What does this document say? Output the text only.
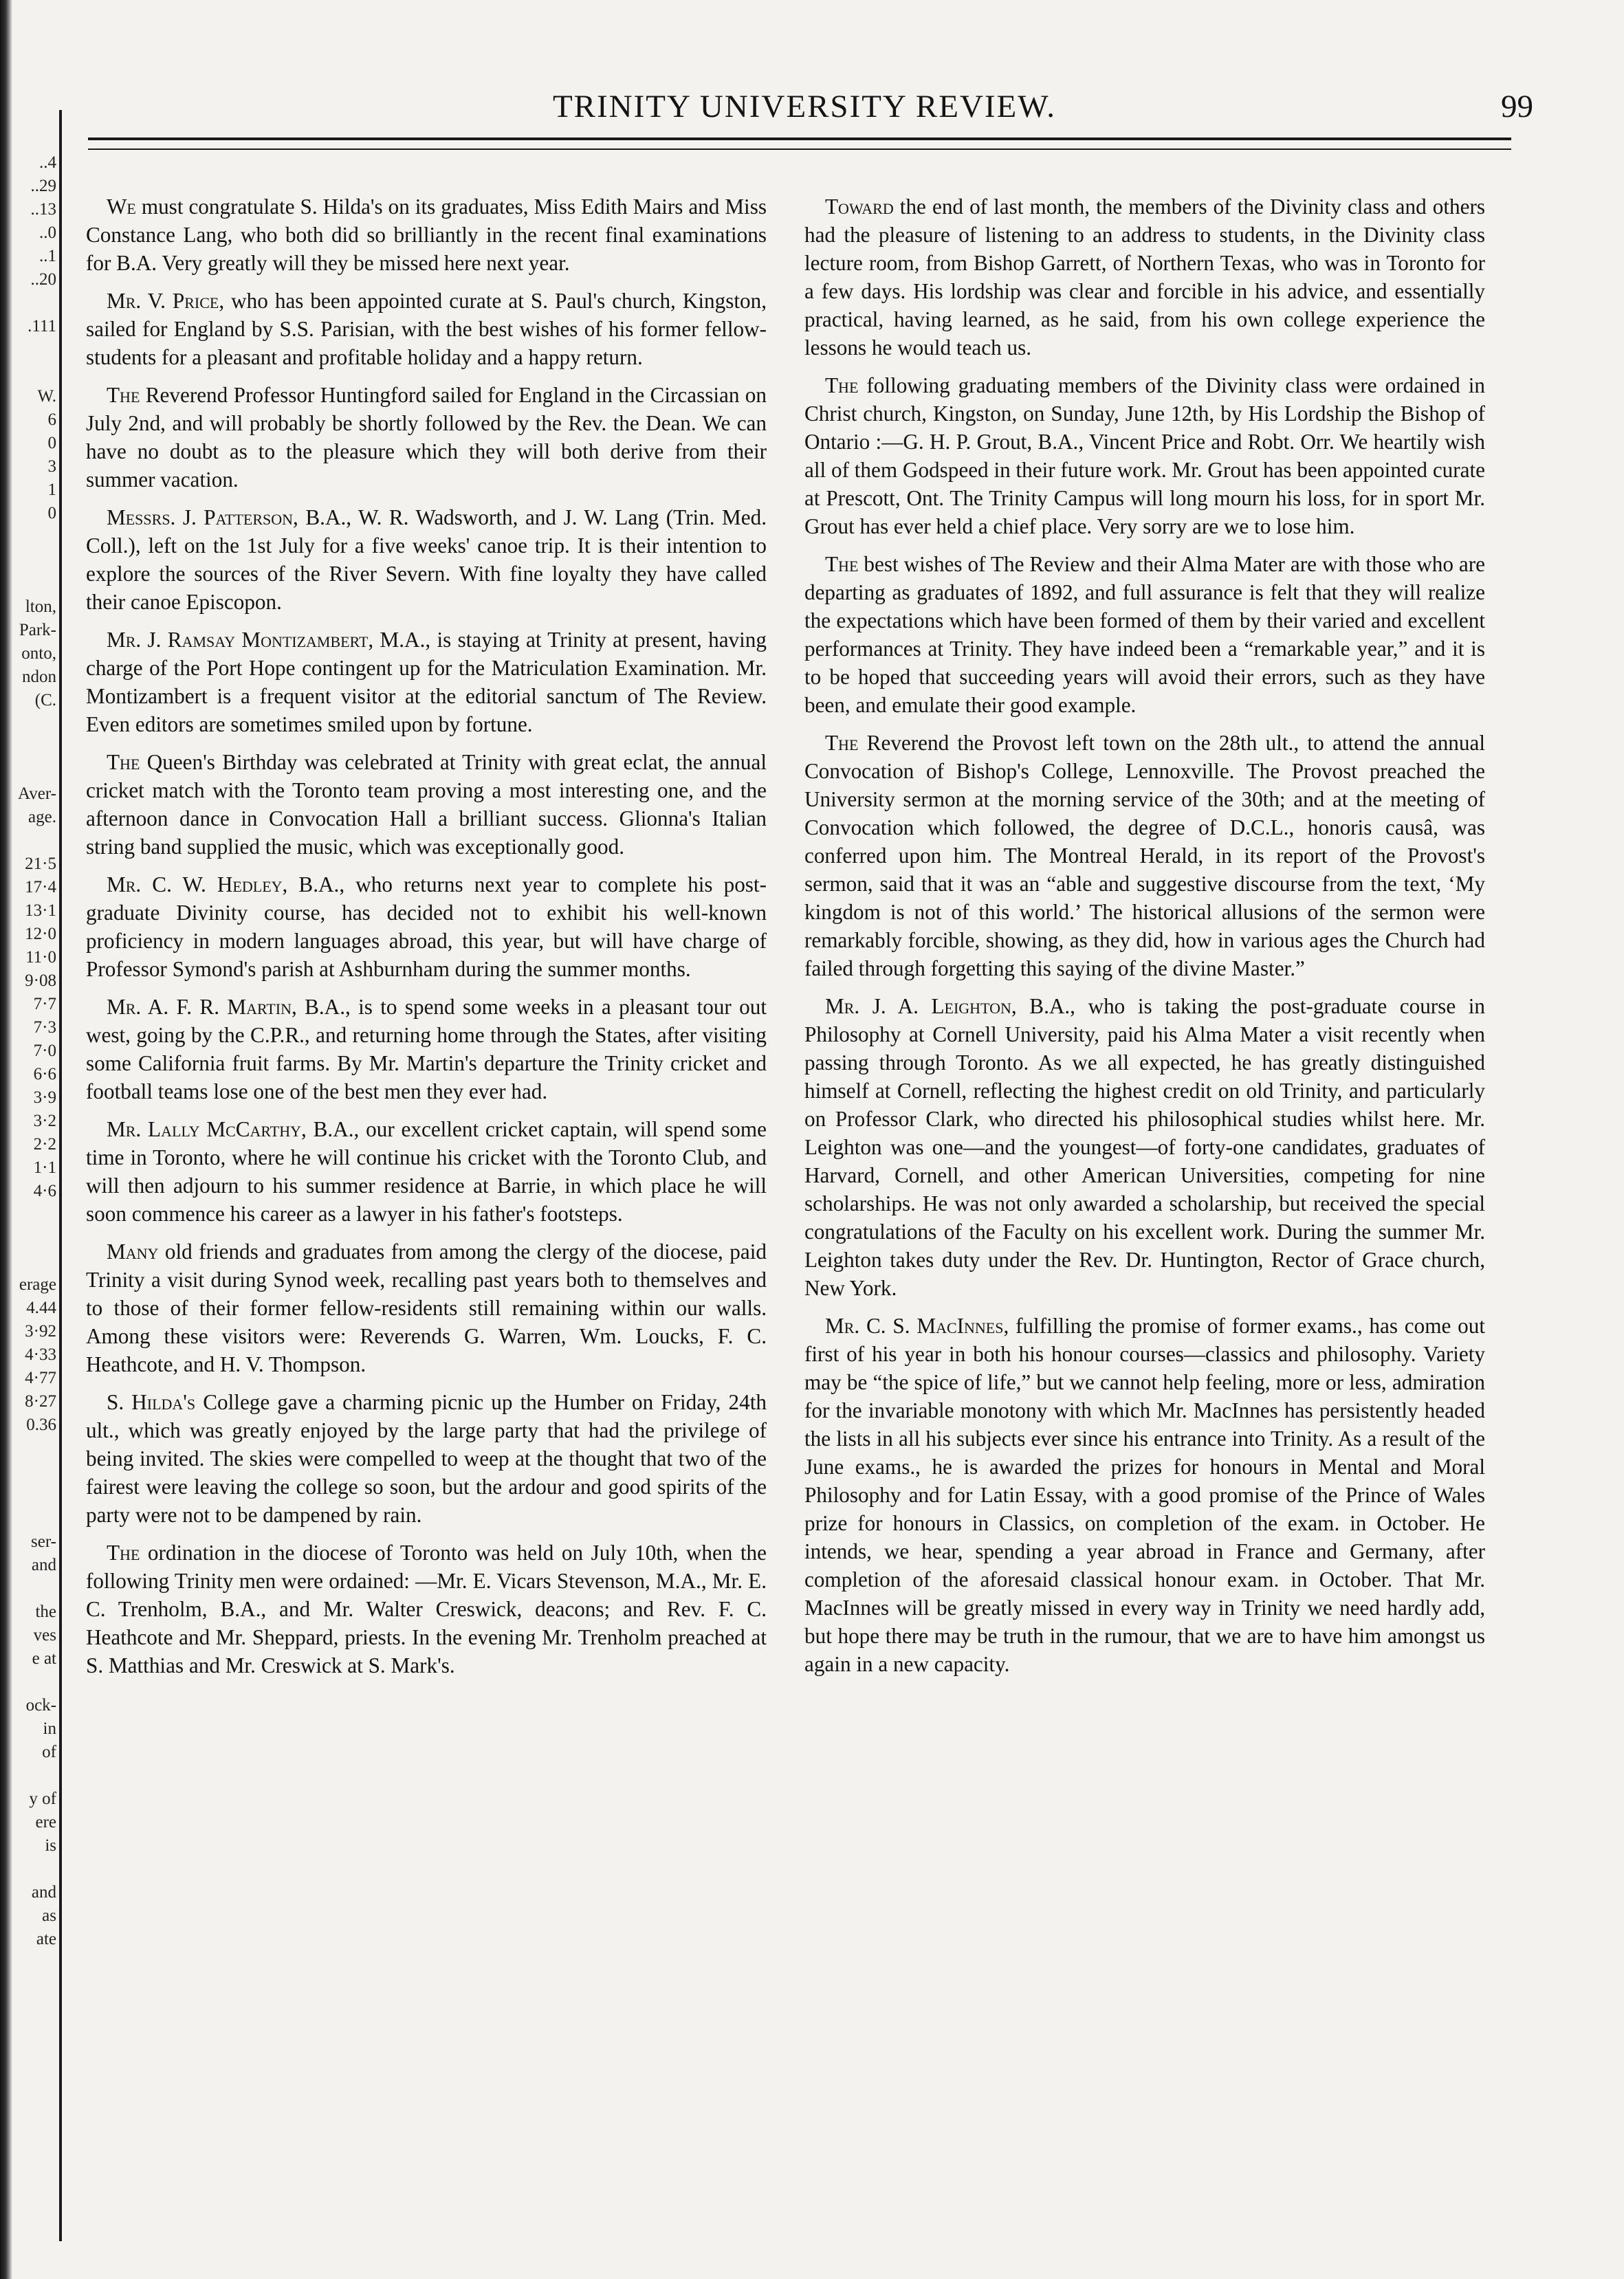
..4
..29
..13
..0
..1
..20

.111

W.
6
0
3
1
0

lton,
Park-
onto,
ndon
(C.

Aver-
age.

21·5
17·4
13·1
12·0
11·0
9·08
7·7
7·3
7·0
6·6
3·9
3·2
2·2
1·1
4·6

erage
4.44
3·92
4·33
4·77
8·27
0.36

ser-
and

the
ves
e at

ock-
in
of

y of
ere
is

and
as
ate
TRINITY UNIVERSITY REVIEW.	99

We must congratulate S. Hilda's on its graduates, Miss Edith Mairs and Miss Constance Lang, who both did so brilliantly in the recent final examinations for B.A. Very greatly will they be missed here next year.

Mr. V. Price, who has been appointed curate at S. Paul's church, Kingston, sailed for England by S.S. Parisian, with the best wishes of his former fellow-students for a pleasant and profitable holiday and a happy return.

The Reverend Professor Huntingford sailed for England in the Circassian on July 2nd, and will probably be shortly followed by the Rev. the Dean. We can have no doubt as to the pleasure which they will both derive from their summer vacation.

Messrs. J. Patterson, B.A., W. R. Wadsworth, and J. W. Lang (Trin. Med. Coll.), left on the 1st July for a five weeks' canoe trip. It is their intention to explore the sources of the River Severn. With fine loyalty they have called their canoe Episcopon.

Mr. J. Ramsay Montizambert, M.A., is staying at Trinity at present, having charge of the Port Hope contingent up for the Matriculation Examination. Mr. Montizambert is a frequent visitor at the editorial sanctum of The Review. Even editors are sometimes smiled upon by fortune.

The Queen's Birthday was celebrated at Trinity with great eclat, the annual cricket match with the Toronto team proving a most interesting one, and the afternoon dance in Convocation Hall a brilliant success. Glionna's Italian string band supplied the music, which was exceptionally good.

Mr. C. W. Hedley, B.A., who returns next year to complete his post-graduate Divinity course, has decided not to exhibit his well-known proficiency in modern languages abroad, this year, but will have charge of Professor Symond's parish at Ashburnham during the summer months.

Mr. A. F. R. Martin, B.A., is to spend some weeks in a pleasant tour out west, going by the C.P.R., and returning home through the States, after visiting some California fruit farms. By Mr. Martin's departure the Trinity cricket and football teams lose one of the best men they ever had.

Mr. Lally McCarthy, B.A., our excellent cricket captain, will spend some time in Toronto, where he will continue his cricket with the Toronto Club, and will then adjourn to his summer residence at Barrie, in which place he will soon commence his career as a lawyer in his father's footsteps.

Many old friends and graduates from among the clergy of the diocese, paid Trinity a visit during Synod week, recalling past years both to themselves and to those of their former fellow-residents still remaining within our walls. Among these visitors were: Reverends G. Warren, Wm. Loucks, F. C. Heathcote, and H. V. Thompson.

S. Hilda's College gave a charming picnic up the Humber on Friday, 24th ult., which was greatly enjoyed by the large party that had the privilege of being invited. The skies were compelled to weep at the thought that two of the fairest were leaving the college so soon, but the ardour and good spirits of the party were not to be dampened by rain.

The ordination in the diocese of Toronto was held on July 10th, when the following Trinity men were ordained: —Mr. E. Vicars Stevenson, M.A., Mr. E. C. Trenholm, B.A., and Mr. Walter Creswick, deacons; and Rev. F. C. Heathcote and Mr. Sheppard, priests. In the evening Mr. Trenholm preached at S. Matthias and Mr. Creswick at S. Mark's.

Toward the end of last month, the members of the Divinity class and others had the pleasure of listening to an address to students, in the Divinity class lecture room, from Bishop Garrett, of Northern Texas, who was in Toronto for a few days. His lordship was clear and forcible in his advice, and essentially practical, having learned, as he said, from his own college experience the lessons he would teach us.

The following graduating members of the Divinity class were ordained in Christ church, Kingston, on Sunday, June 12th, by His Lordship the Bishop of Ontario :—G. H. P. Grout, B.A., Vincent Price and Robt. Orr. We heartily wish all of them Godspeed in their future work. Mr. Grout has been appointed curate at Prescott, Ont. The Trinity Campus will long mourn his loss, for in sport Mr. Grout has ever held a chief place. Very sorry are we to lose him.

The best wishes of The Review and their Alma Mater are with those who are departing as graduates of 1892, and full assurance is felt that they will realize the expectations which have been formed of them by their varied and excellent performances at Trinity. They have indeed been a “remarkable year,” and it is to be hoped that succeeding years will avoid their errors, such as they have been, and emulate their good example.

The Reverend the Provost left town on the 28th ult., to attend the annual Convocation of Bishop's College, Lennoxville. The Provost preached the University sermon at the morning service of the 30th; and at the meeting of Convocation which followed, the degree of D.C.L., honoris causâ, was conferred upon him. The Montreal Herald, in its report of the Provost's sermon, said that it was an “able and suggestive discourse from the text, ‘My kingdom is not of this world.’ The historical allusions of the sermon were remarkably forcible, showing, as they did, how in various ages the Church had failed through forgetting this saying of the divine Master.”

Mr. J. A. Leighton, B.A., who is taking the post-graduate course in Philosophy at Cornell University, paid his Alma Mater a visit recently when passing through Toronto. As we all expected, he has greatly distinguished himself at Cornell, reflecting the highest credit on old Trinity, and particularly on Professor Clark, who directed his philosophical studies whilst here. Mr. Leighton was one—and the youngest—of forty-one candidates, graduates of Harvard, Cornell, and other American Universities, competing for nine scholarships. He was not only awarded a scholarship, but received the special congratulations of the Faculty on his excellent work. During the summer Mr. Leighton takes duty under the Rev. Dr. Huntington, Rector of Grace church, New York.

Mr. C. S. MacInnes, fulfilling the promise of former exams., has come out first of his year in both his honour courses—classics and philosophy. Variety may be “the spice of life,” but we cannot help feeling, more or less, admiration for the invariable monotony with which Mr. MacInnes has persistently headed the lists in all his subjects ever since his entrance into Trinity. As a result of the June exams., he is awarded the prizes for honours in Mental and Moral Philosophy and for Latin Essay, with a good promise of the Prince of Wales prize for honours in Classics, on completion of the exam. in October. He intends, we hear, spending a year abroad in France and Germany, after completion of the aforesaid classical honour exam. in October. That Mr. MacInnes will be greatly missed in every way in Trinity we need hardly add, but hope there may be truth in the rumour, that we are to have him amongst us again in a new capacity.
